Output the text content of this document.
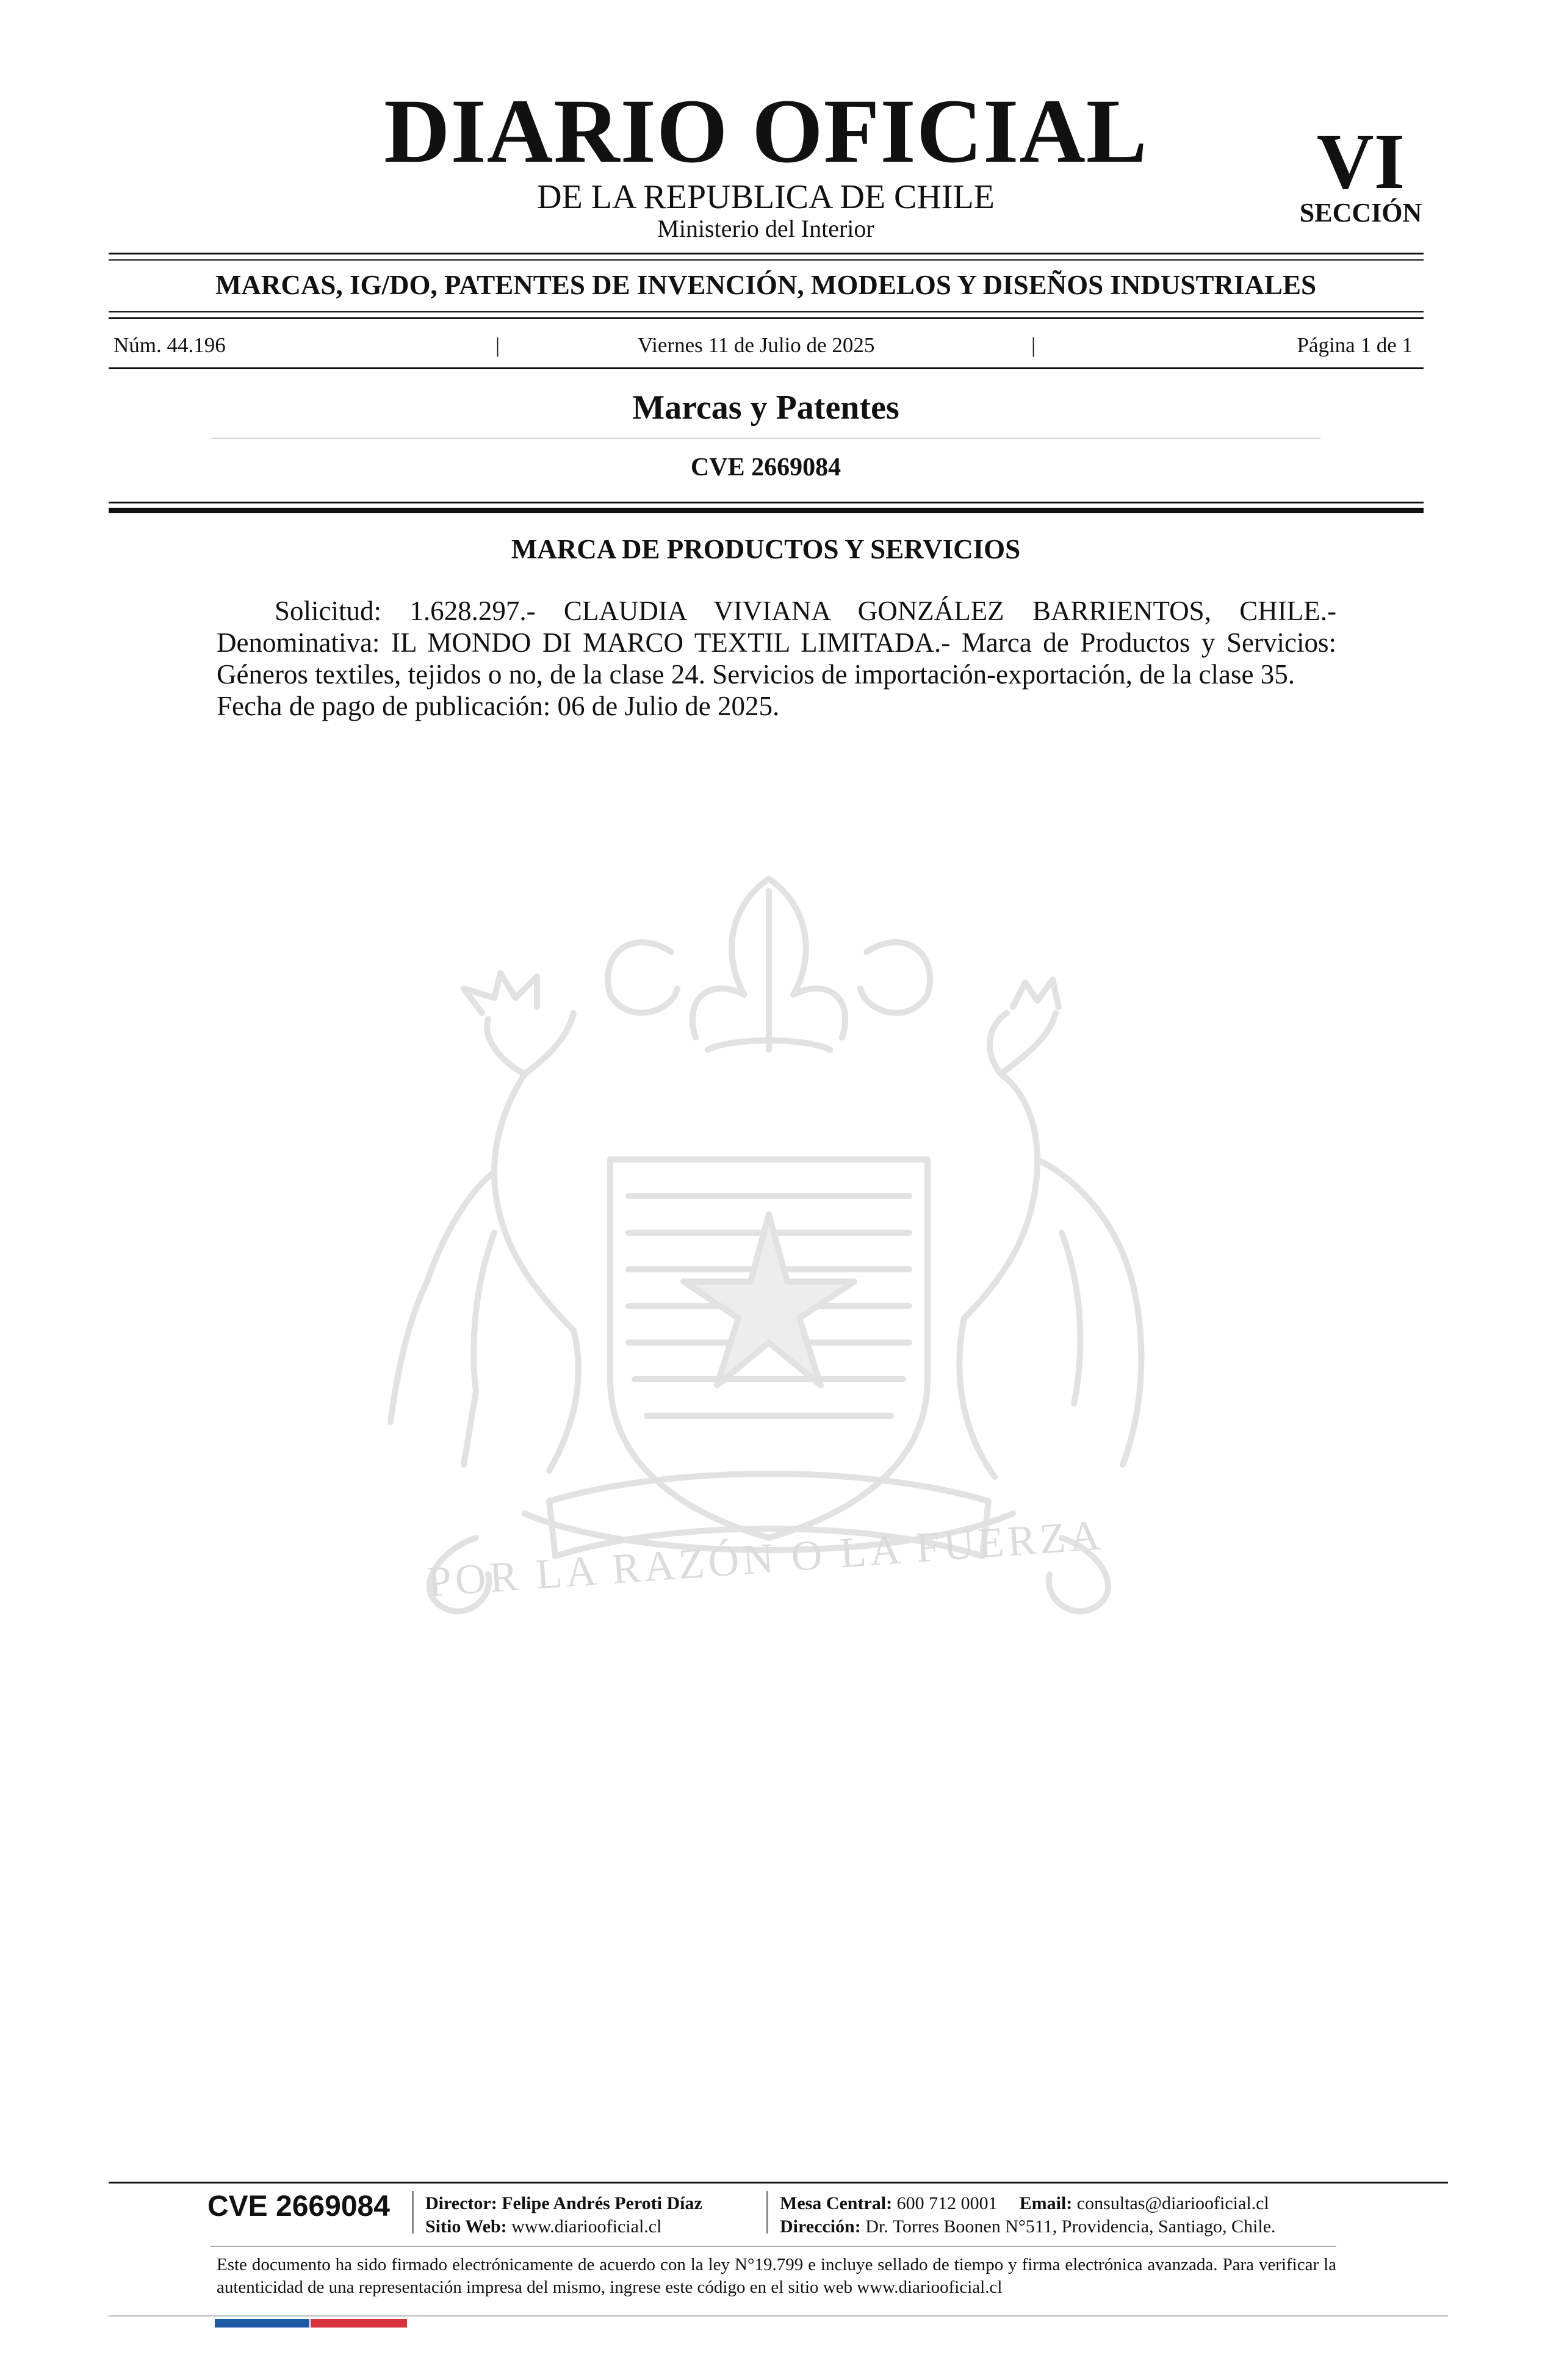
DIARIO OFICIAL
DE LA REPUBLICA DE CHILE
Ministerio del Interior
VI
SECCIÓN
MARCAS, IG/DO, PATENTES DE INVENCIÓN, MODELOS Y DISEÑOS INDUSTRIALES
Núm. 44.196	|	Viernes 11 de Julio de 2025	|	Página 1 de 1
Marcas y Patentes
CVE 2669084
MARCA DE PRODUCTOS Y SERVICIOS

Solicitud: 1.628.297.- CLAUDIA VIVIANA GONZÁLEZ BARRIENTOS, CHILE.- Denominativa: IL MONDO DI MARCO TEXTIL LIMITADA.- Marca de Productos y Servicios: Géneros textiles, tejidos o no, de la clase 24. Servicios de importación-exportación, de la clase 35.

Fecha de pago de publicación: 06 de Julio de 2025.

POR LA RAZÓN O LA FUERZA
CVE 2669084 Director: Felipe Andrés Peroti Díaz
Sitio Web: www.diariooficial.cl
Mesa Central: 600 712 0001 Email: consultas@diariooficial.cl
Dirección: Dr. Torres Boonen N°511, Providencia, Santiago, Chile.

Este documento ha sido firmado electrónicamente de acuerdo con la ley N°19.799 e incluye sellado de tiempo y firma electrónica avanzada. Para verificar la autenticidad de una representación impresa del mismo, ingrese este código en el sitio web www.diariooficial.cl
